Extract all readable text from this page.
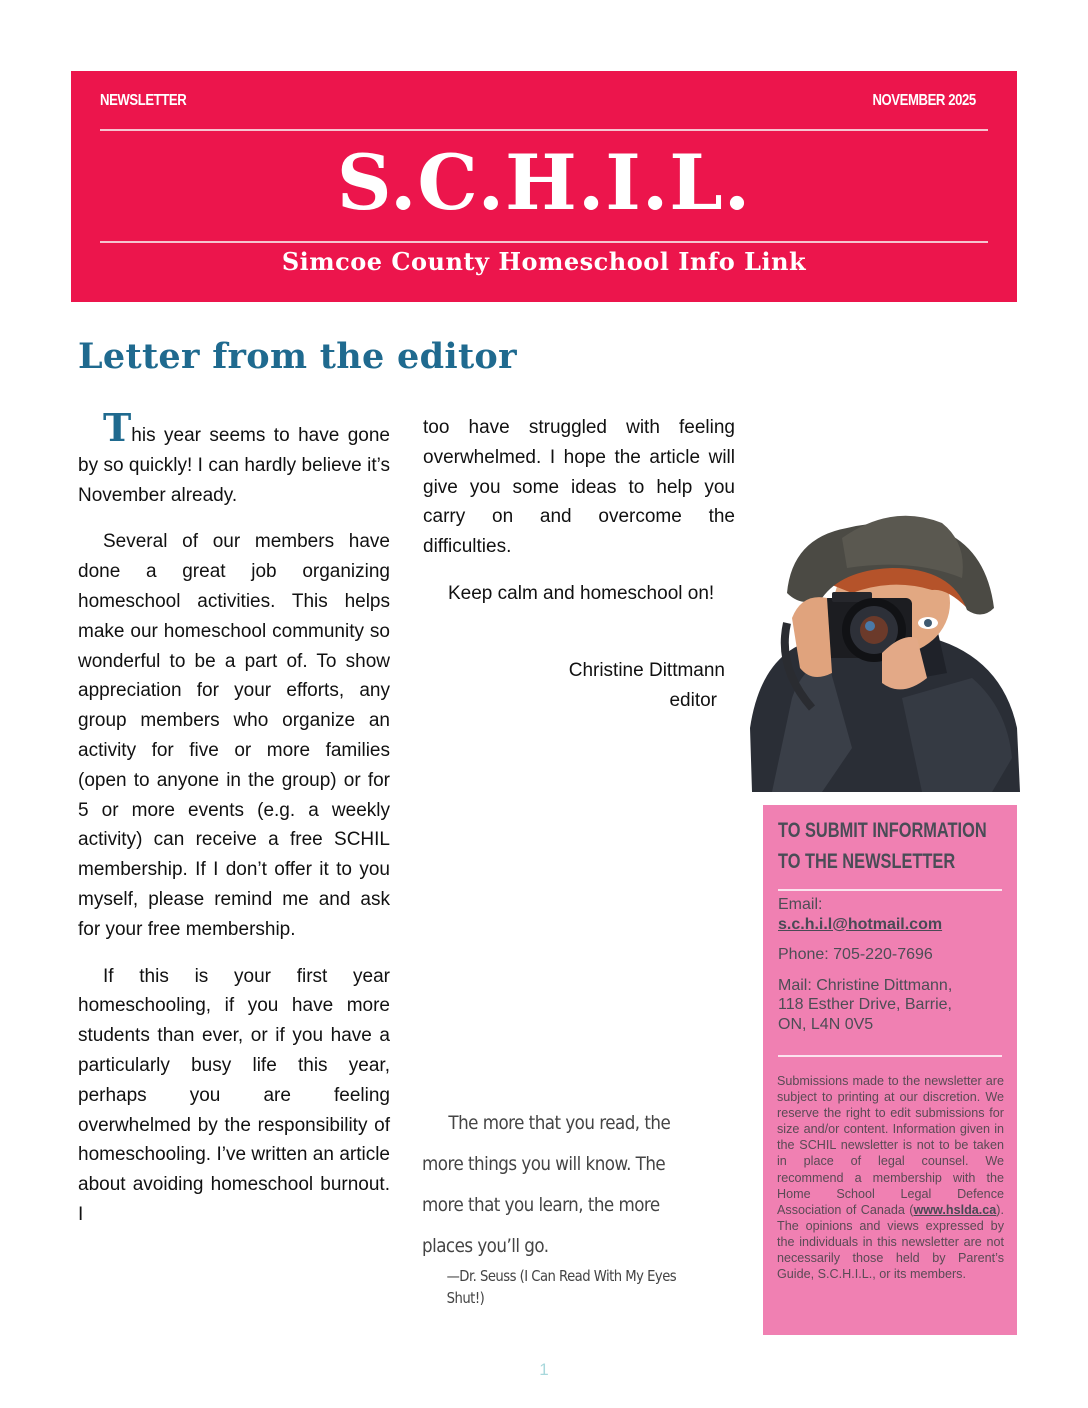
NEWSLETTER	NOVEMBER 2025
S.C.H.I.L.
Simcoe County Homeschool Info Link
Letter from the editor

This year seems to have gone by so quickly! I can hardly believe it’s November already.

Several of our members have done a great job organizing homeschool activities. This helps make our homeschool community so wonderful to be a part of. To show appreciation for your efforts, any group members who organize an activity for five or more families (open to anyone in the group) or for 5 or more events (e.g. a weekly activity) can receive a free SCHIL membership. If I don’t offer it to you myself, please remind me and ask for your free membership.

If this is your first year homeschooling, if you have more students than ever, or if you have a particularly busy life this year, perhaps you are feeling overwhelmed by the responsibility of homeschooling. I’ve written an article about avoiding homeschool burnout. I

too have struggled with feeling overwhelmed. I hope the article will give you some ideas to help you carry on and overcome the difficulties.

Keep calm and homeschool on!

Christine Dittmann
editor
The more that you read, the more things you will know. The more that you learn, the more places you’ll go.
—Dr. Seuss (I Can Read With My Eyes Shut!)
TO SUBMIT INFORMATION TO THE NEWSLETTER

Email:
s.c.h.i.l@hotmail.com

Phone: 705-220-7696

Mail: Christine Dittmann, 118 Esther Drive, Barrie, ON, L4N 0V5

Submissions made to the newsletter are subject to printing at our discretion. We reserve the right to edit submissions for size and/or content. Information given in the SCHIL newsletter is not to be taken in place of legal counsel. We recommend a membership with the Home School Legal Defence Association of Canada (www.hslda.ca). The opinions and views expressed by the individuals in this newsletter are not necessarily those held by Parent’s Guide, S.C.H.I.L., or its members.
1
